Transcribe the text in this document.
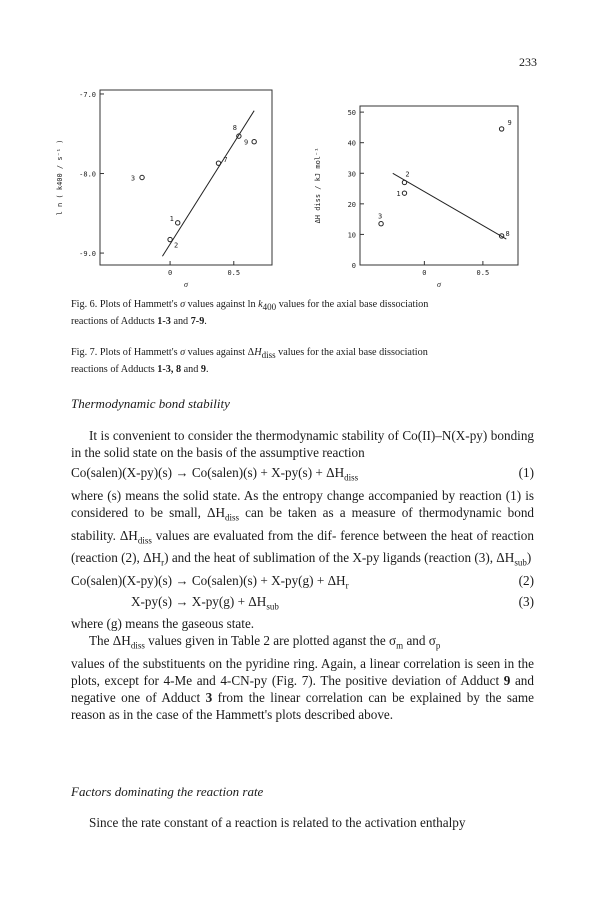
233
-7.0
-8.0
-9.0
0	0.5
σ
l n ( k400 / s⁻¹ )
1
2
3
7
8
9
0
10
20
30
40
50
0	0.5
σ
ΔH diss / kJ mol⁻¹	1
2
3
8
9
Fig. 6. Plots of Hammett's σ values against $\ln k_{400}$ values for the axial base dissociation
reactions of Adducts 1-3 and 7-9.
Fig. 7. Plots of Hammett's σ values against $\Delta H_{diss}$ values for the axial base dissociation
reactions of Adducts 1-3, 8 and 9.
Thermodynamic bond stability
It is convenient to consider the thermodynamic stability of Co(II)–N(X-py) bonding in the solid state on the basis of the assumptive reaction
Co(salen)(X-py)(s) → Co(salen)(s) + $X-py(s) + \Delta H_{diss}$	(1)
where (s) means the solid state. As the entropy change accompanied by reaction (1) is considered to be small, $\Delta H_{diss}$ can be taken as a measure of thermodynamic bond stability. $\Delta H_{diss}$ values are evaluated from the dif- ference between the heat of reaction (reaction (2), $\Delta H_r$) and the heat of sublimation of the X-py ligands (reaction (3), $\Delta H_{sub}$)
Co(salen)(X-py)(s) → Co(salen)(s) + $X-py(g) + \Delta H_r$	(2)
$X-py(s) \to X-py(g) + \Delta H_{sub}$	(3)
where (g) means the gaseous state.
The $\Delta H_{diss}$ values given in Table 2 are plotted aganst the $\sigma_m$ and $\sigma_p$
values of the substituents on the pyridine ring. Again, a linear correlation is seen in the plots, except for 4-Me and 4-CN-py (Fig. 7). The positive deviation of Adduct 9 and negative one of Adduct 3 from the linear correlation can be explained by the same reason as in the case of the Hammett's plots described above.
Factors dominating the reaction rate
Since the rate constant of a reaction is related to the activation enthalpy
